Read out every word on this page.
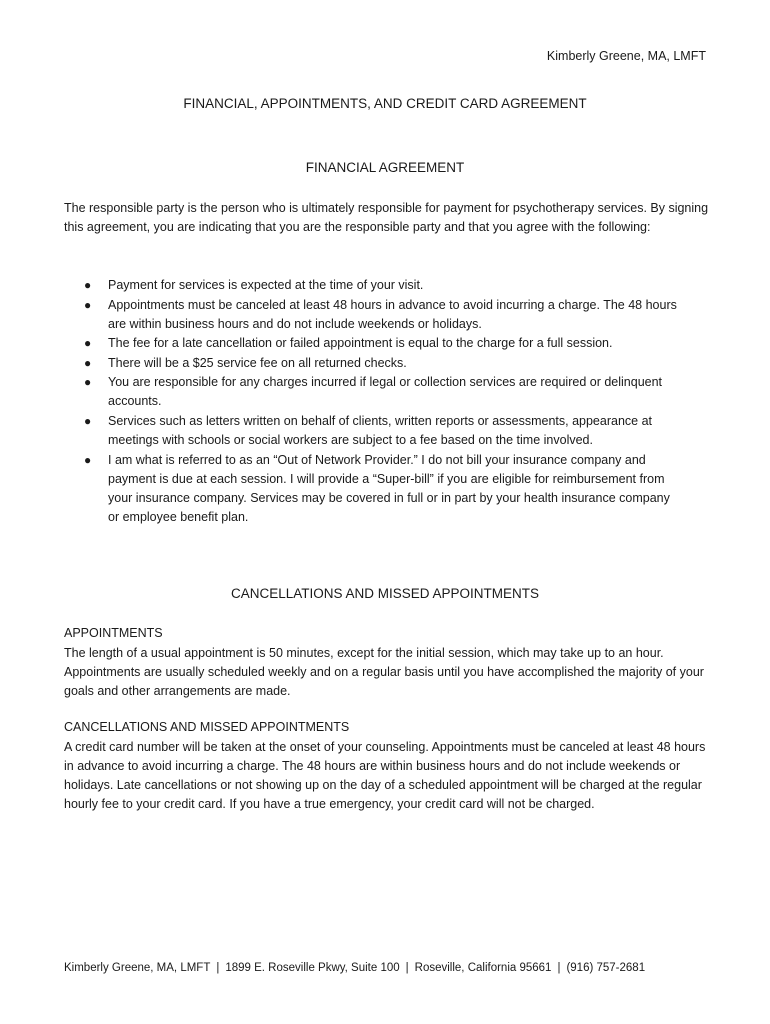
Kimberly Greene, MA, LMFT
FINANCIAL, APPOINTMENTS, AND CREDIT CARD AGREEMENT
FINANCIAL AGREEMENT
The responsible party is the person who is ultimately responsible for payment for psychotherapy services. By signing this agreement, you are indicating that you are the responsible party and that you agree with the following:
● Payment for services is expected at the time of your visit.
● Appointments must be canceled at least 48 hours in advance to avoid incurring a charge. The 48 hours are within business hours and do not include weekends or holidays.
● The fee for a late cancellation or failed appointment is equal to the charge for a full session.
● There will be a $25 service fee on all returned checks.
● You are responsible for any charges incurred if legal or collection services are required or delinquent accounts.
● Services such as letters written on behalf of clients, written reports or assessments, appearance at meetings with schools or social workers are subject to a fee based on the time involved.
● I am what is referred to as an “Out of Network Provider.” I do not bill your insurance company and payment is due at each session. I will provide a “Super-bill” if you are eligible for reimbursement from your insurance company. Services may be covered in full or in part by your health insurance company or employee benefit plan.
CANCELLATIONS AND MISSED APPOINTMENTS
APPOINTMENTS
The length of a usual appointment is 50 minutes, except for the initial session, which may take up to an hour. Appointments are usually scheduled weekly and on a regular basis until you have accomplished the majority of your goals and other arrangements are made.
CANCELLATIONS AND MISSED APPOINTMENTS
A credit card number will be taken at the onset of your counseling. Appointments must be canceled at least 48 hours in advance to avoid incurring a charge. The 48 hours are within business hours and do not include weekends or holidays. Late cancellations or not showing up on the day of a scheduled appointment will be charged at the regular hourly fee to your credit card. If you have a true emergency, your credit card will not be charged.
Kimberly Greene, MA, LMFT | 1899 E. Roseville Pkwy, Suite 100 | Roseville, California 95661 | (916) 757-2681
